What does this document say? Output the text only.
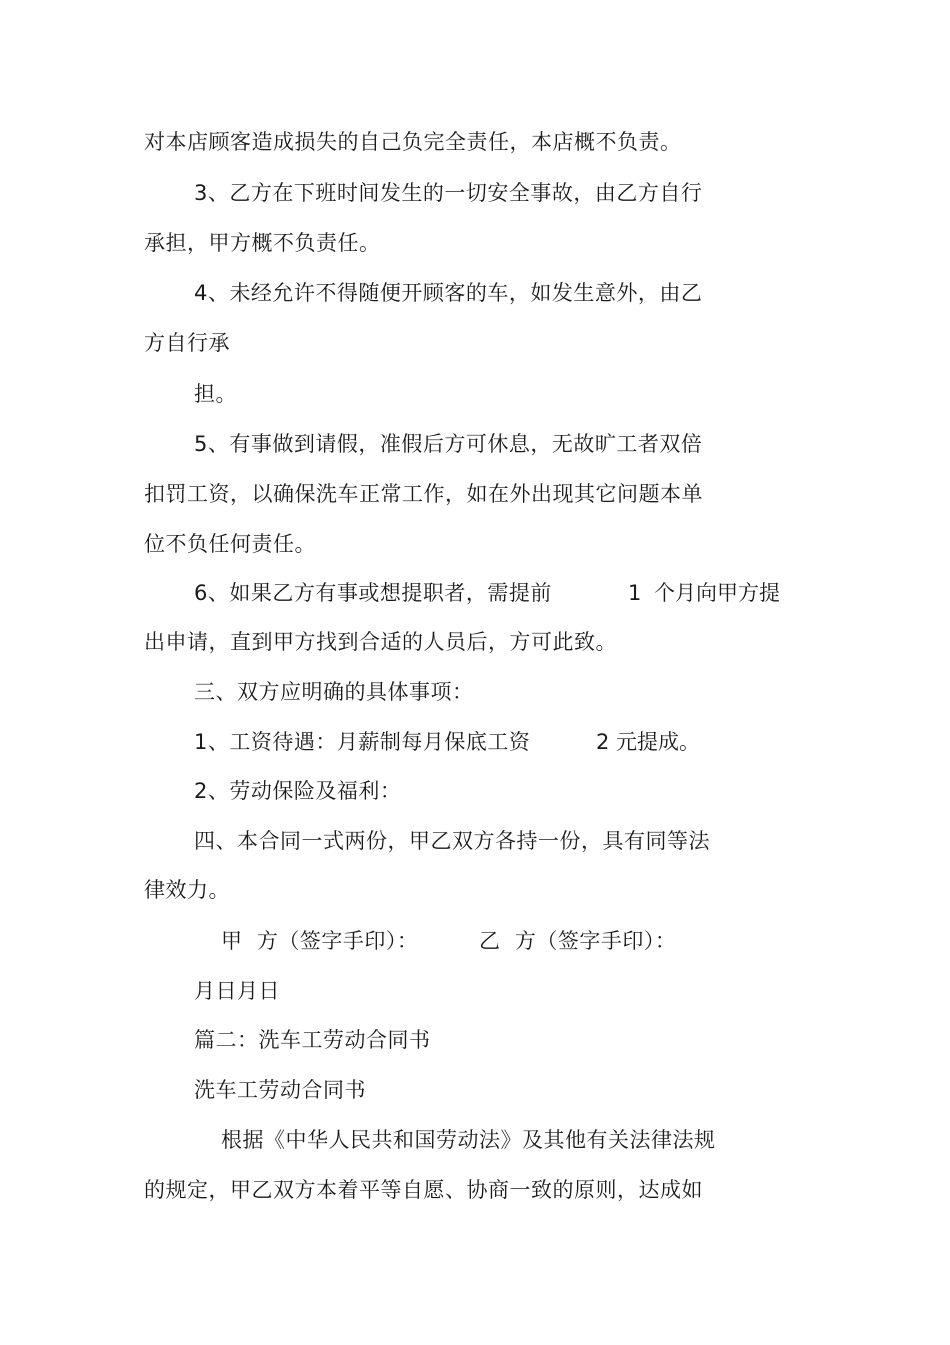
对本店顾客造成损失的自己负完全责任，本店概不负责。
3、乙方在下班时间发生的一切安全事故，由乙方自行
承担，甲方概不负责任。
4、未经允许不得随便开顾客的车，如发生意外，由乙
方自行承
担。
5、有事做到请假，准假后方可休息，无故旷工者双倍
扣罚工资，以确保洗车正常工作，如在外出现其它问题本单
位不负任何责任。
6、如果乙方有事或想提职者，需提前	1 个月向甲方提
出申请，直到甲方找到合适的人员后，方可此致。
三、双方应明确的具体事项：
1、工资待遇：月薪制每月保底工资	2 元提成。
2、劳动保险及福利：
四、本合同一式两份，甲乙双方各持一份，具有同等法
律效力。
甲  方（签字手印）：	乙  方（签字手印）：
月日月日
篇二：洗车工劳动合同书
洗车工劳动合同书
根据《中华人民共和国劳动法》及其他有关法律法规
的规定，甲乙双方本着平等自愿、协商一致的原则，达成如
